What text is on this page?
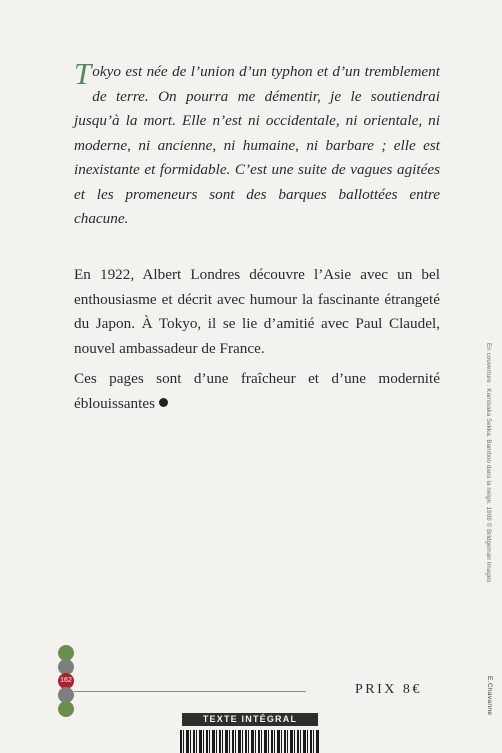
Tokyo est née de l’union d’un typhon et d’un tremblement de terre. On pourra me démentir, je le soutiendrai jusqu’à la mort. Elle n’est ni occidentale, ni orientale, ni moderne, ni ancienne, ni humaine, ni barbare ; elle est inexistante et formidable. C’est une suite de vagues agitées et les promeneurs sont des barques ballottées entre chacune.

En 1922, Albert Londres découvre l’Asie avec un bel enthousiasme et décrit avec humour la fascinante étrangeté du Japon. À Tokyo, il se lie d’amitié avec Paul Claudel, nouvel ambassadeur de France.

Ces pages sont d’une fraîcheur et d’une modernité éblouissantes	En couverture : Kamisaka Sekka, Bamboo dans la neige, 1909 © Bridgeman Images
E.Chavanne
162
PRIX 8€
TEXTE INTÉGRAL
